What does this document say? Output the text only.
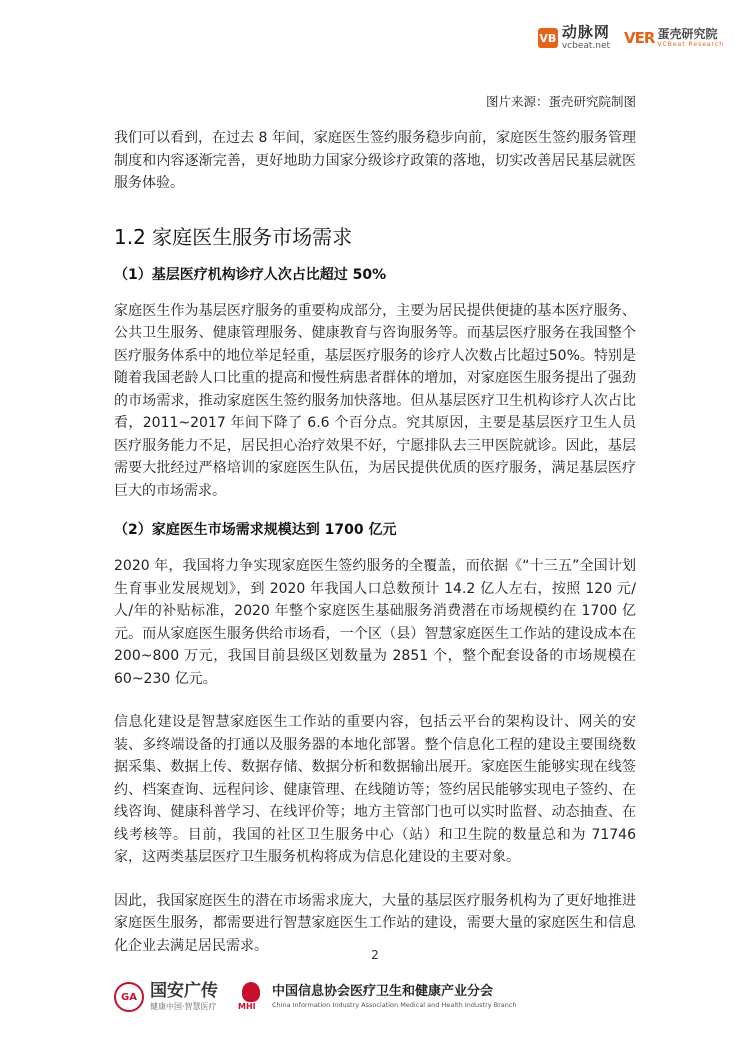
VB 动脉网
vcbeat.net VER 蛋壳研究院
VCBeat Research

图片来源：蛋壳研究院制图

我们可以看到，在过去 8 年间，家庭医生签约服务稳步向前，家庭医生签约服务管理制度和内容逐渐完善，更好地助力国家分级诊疗政策的落地，切实改善居民基层就医服务体验。

1.2 家庭医生服务市场需求
（1）基层医疗机构诊疗人次占比超过 50%

家庭医生作为基层医疗服务的重要构成部分，主要为居民提供便捷的基本医疗服务、公共卫生服务、健康管理服务、健康教育与咨询服务等。而基层医疗服务在我国整个医疗服务体系中的地位举足轻重，基层医疗服务的诊疗人次数占比超过50%。特别是随着我国老龄人口比重的提高和慢性病患者群体的增加，对家庭医生服务提出了强劲的市场需求，推动家庭医生签约服务加快落地。但从基层医疗卫生机构诊疗人次占比看，2011~2017 年间下降了 6.6 个百分点。究其原因，主要是基层医疗卫生人员医疗服务能力不足，居民担心治疗效果不好，宁愿排队去三甲医院就诊。因此，基层需要大批经过严格培训的家庭医生队伍，为居民提供优质的医疗服务，满足基层医疗巨大的市场需求。

（2）家庭医生市场需求规模达到 1700 亿元

2020 年，我国将力争实现家庭医生签约服务的全覆盖，而依据《“十三五”全国计划生育事业发展规划》，到 2020 年我国人口总数预计 14.2 亿人左右，按照 120 元/人/年的补贴标准，2020 年整个家庭医生基础服务消费潜在市场规模约在 1700 亿元。而从家庭医生服务供给市场看，一个区（县）智慧家庭医生工作站的建设成本在 200~800 万元，我国目前县级区划数量为 2851 个，整个配套设备的市场规模在 60~230 亿元。

信息化建设是智慧家庭医生工作站的重要内容，包括云平台的架构设计、网关的安装、多终端设备的打通以及服务器的本地化部署。整个信息化工程的建设主要围绕数据采集、数据上传、数据存储、数据分析和数据输出展开。家庭医生能够实现在线签约、档案查询、远程问诊、健康管理、在线随访等；签约居民能够实现电子签约、在线咨询、健康科普学习、在线评价等；地方主管部门也可以实时监督、动态抽查、在线考核等。目前，我国的社区卫生服务中心（站）和卫生院的数量总和为 71746 家，这两类基层医疗卫生服务机构将成为信息化建设的主要对象。

因此，我国家庭医生的潜在市场需求庞大，大量的基层医疗服务机构为了更好地推进家庭医生服务，都需要进行智慧家庭医生工作站的建设，需要大量的家庭医生和信息化企业去满足居民需求。

2
GA 国安广传
健康中国·智慧医疗	MHI
中国信息协会医疗卫生和健康产业分会
China Information Industry Association Medical and Health Industry Branch
